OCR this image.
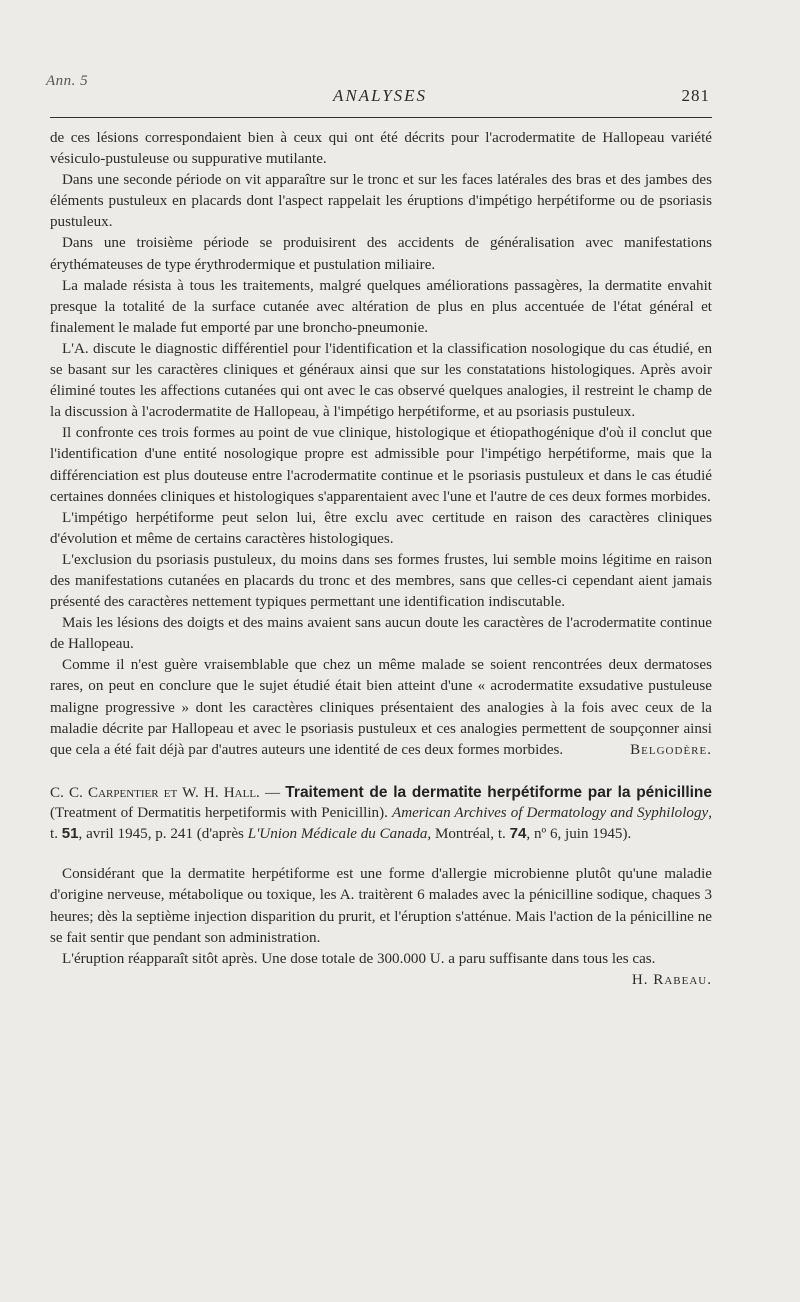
Ann. 5
ANALYSES	281

de ces lésions correspondaient bien à ceux qui ont été décrits pour l'acrodermatite de Hallopeau variété vésiculo-pustuleuse ou suppurative mutilante.

Dans une seconde période on vit apparaître sur le tronc et sur les faces latérales des bras et des jambes des éléments pustuleux en placards dont l'aspect rappelait les éruptions d'impétigo herpétiforme ou de psoriasis pustuleux.

Dans une troisième période se produisirent des accidents de généralisation avec manifestations érythémateuses de type érythrodermique et pustulation miliaire.

La malade résista à tous les traitements, malgré quelques améliorations passagères, la dermatite envahit presque la totalité de la surface cutanée avec altération de plus en plus accentuée de l'état général et finalement le malade fut emporté par une broncho-pneumonie.

L'A. discute le diagnostic différentiel pour l'identification et la classification nosologique du cas étudié, en se basant sur les caractères cliniques et généraux ainsi que sur les constatations histologiques. Après avoir éliminé toutes les affections cutanées qui ont avec le cas observé quelques analogies, il restreint le champ de la discussion à l'acrodermatite de Hallopeau, à l'impétigo herpétiforme, et au psoriasis pustuleux.

Il confronte ces trois formes au point de vue clinique, histologique et étiopathogénique d'où il conclut que l'identification d'une entité nosologique propre est admissible pour l'impétigo herpétiforme, mais que la différenciation est plus douteuse entre l'acrodermatite continue et le psoriasis pustuleux et dans le cas étudié certaines données cliniques et histologiques s'apparentaient avec l'une et l'autre de ces deux formes morbides.

L'impétigo herpétiforme peut selon lui, être exclu avec certitude en raison des caractères cliniques d'évolution et même de certains caractères histologiques.

L'exclusion du psoriasis pustuleux, du moins dans ses formes frustes, lui semble moins légitime en raison des manifestations cutanées en placards du tronc et des membres, sans que celles-ci cependant aient jamais présenté des caractères nettement typiques permettant une identification indiscutable.

Mais les lésions des doigts et des mains avaient sans aucun doute les caractères de l'acrodermatite continue de Hallopeau.

Comme il n'est guère vraisemblable que chez un même malade se soient rencontrées deux dermatoses rares, on peut en conclure que le sujet étudié était bien atteint d'une « acrodermatite exsudative pustuleuse maligne progressive » dont les caractères cliniques présentaient des analogies à la fois avec ceux de la maladie décrite par Hallopeau et avec le psoriasis pustuleux et ces analogies permettent de soupçonner ainsi que cela a été fait déjà par d'autres auteurs une identité de ces deux formes morbides.	Belgodère.

C. C. Carpentier et W. H. Hall. — Traitement de la dermatite herpétiforme par la pénicilline (Treatment of Dermatitis herpetiformis with Penicillin). American Archives of Dermatology and Syphilology, t. 51, avril 1945, p. 241 (d'après L'Union Médicale du Canada, Montréal, t. 74, nº 6, juin 1945).

Considérant que la dermatite herpétiforme est une forme d'allergie microbienne plutôt qu'une maladie d'origine nerveuse, métabolique ou toxique, les A. traitèrent 6 malades avec la pénicilline sodique, chaques 3 heures; dès la septième injection disparition du prurit, et l'éruption s'atténue. Mais l'action de la pénicilline ne se fait sentir que pendant son administration.

L'éruption réapparaît sitôt après. Une dose totale de 300.000 U. a paru suffisante dans tous les cas.
H. Rabeau.
